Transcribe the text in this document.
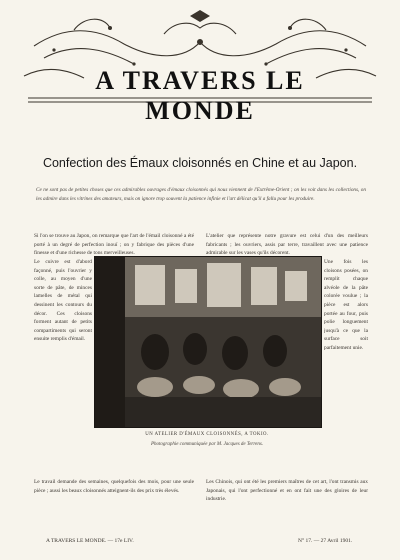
A TRAVERS LE MONDE
Confection des Émaux cloisonnés en Chine et au Japon.
Ce ne sont pas de petites choses que ces admirables ouvrages d'émaux cloisonnés qui nous viennent de l'Extrême-Orient ; on les voit dans les collections, on les admire dans les vitrines des amateurs, mais on ignore trop souvent la patience infinie et l'art délicat qu'il a fallu pour les produire.
Si l'on se trouve au Japon, on remarque que l'art de l'émail cloisonné a été porté à un degré de perfection inouï ; on y fabrique des pièces d'une finesse et d'une richesse de tons merveilleuses.
L'atelier que représente notre gravure est celui d'un des meilleurs fabricants ; les ouvriers, assis par terre, travaillent avec une patience admirable sur les vases qu'ils décorent.
Le cuivre est d'abord façonné, puis l'ouvrier y colle, au moyen d'une sorte de pâte, de minces lamelles de métal qui dessinent les contours du décor. Ces cloisons forment autant de petits compartiments qui seront ensuite remplis d'émail.
Une fois les cloisons posées, on remplit chaque alvéole de la pâte colorée voulue ; la pièce est alors portée au four, puis polie longuement jusqu'à ce que la surface soit parfaitement unie.
UN ATELIER D'ÉMAUX CLOISONNÉS, A TOKIO.
Photographie communiquée par M. Jacques de Terrens.
Le travail demande des semaines, quelquefois des mois, pour une seule pièce ; aussi les beaux cloisonnés atteignent-ils des prix très élevés.
Les Chinois, qui ont été les premiers maîtres de cet art, l'ont transmis aux Japonais, qui l'ont perfectionné et en ont fait une des gloires de leur industrie.
A TRAVERS LE MONDE. — 17e LIV.	N° 17. — 27 Avril 1901.
